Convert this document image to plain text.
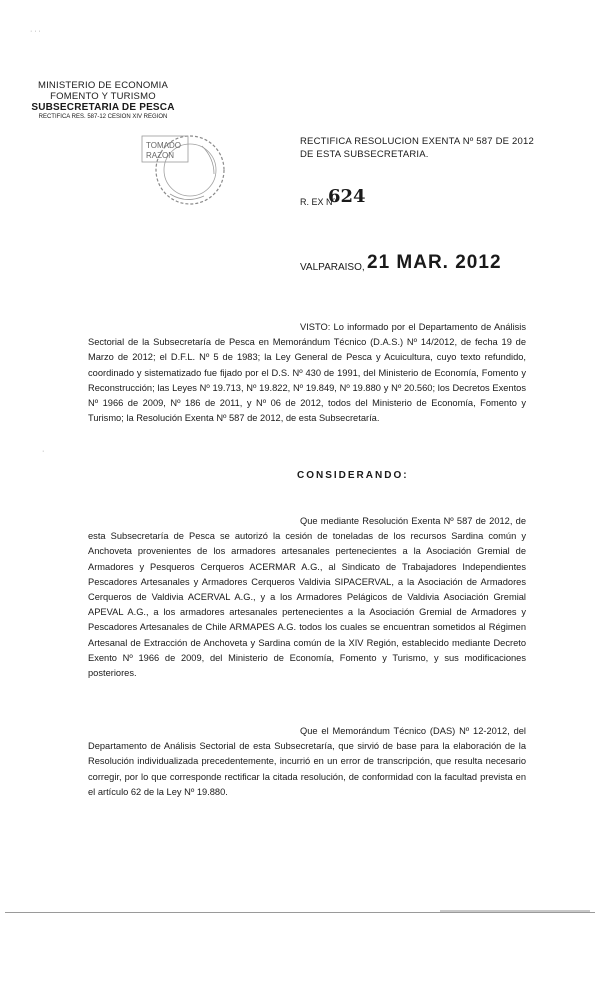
· · ·
MINISTERIO DE ECONOMIA
FOMENTO Y TURISMO
SUBSECRETARIA DE PESCA
RECTIFICA RES. 587-12 CESION XIV REGION
TOMADO
RAZON
RECTIFICA RESOLUCION EXENTA Nº 587 DE 2012
DE ESTA SUBSECRETARIA.
R. EX Nº
624
VALPARAISO, 21 MAR. 2012
VISTO: Lo informado por el Departamento de Análisis Sectorial de la Subsecretaría de Pesca en Memorándum Técnico (D.A.S.) Nº 14/2012, de fecha 19 de Marzo de 2012; el D.F.L. Nº 5 de 1983; la Ley General de Pesca y Acuicultura, cuyo texto refundido, coordinado y sistematizado fue fijado por el D.S. Nº 430 de 1991, del Ministerio de Economía, Fomento y Reconstrucción; las Leyes Nº 19.713, Nº 19.822, Nº 19.849, Nº 19.880 y Nº 20.560; los Decretos Exentos Nº 1966 de 2009, Nº 186 de 2011, y Nº 06 de 2012, todos del Ministerio de Economía, Fomento y Turismo; la Resolución Exenta Nº 587 de 2012, de esta Subsecretaría.
·
CONSIDERANDO:
Que mediante Resolución Exenta Nº 587 de 2012, de esta Subsecretaría de Pesca se autorizó la cesión de toneladas de los recursos Sardina común y Anchoveta provenientes de los armadores artesanales pertenecientes a la Asociación Gremial de Armadores y Pesqueros Cerqueros ACERMAR A.G., al Sindicato de Trabajadores Independientes Pescadores Artesanales y Armadores Cerqueros Valdivia SIPACERVAL, a la Asociación de Armadores Cerqueros de Valdivia ACERVAL A.G., y a los Armadores Pelágicos de Valdivia Asociación Gremial APEVAL A.G., a los armadores artesanales pertenecientes a la Asociación Gremial de Armadores y Pescadores Artesanales de Chile ARMAPES A.G. todos los cuales se encuentran sometidos al Régimen Artesanal de Extracción de Anchoveta y Sardina común de la XIV Región, establecido mediante Decreto Exento Nº 1966 de 2009, del Ministerio de Economía, Fomento y Turismo, y sus modificaciones posteriores.
Que el Memorándum Técnico (DAS) Nº 12-2012, del Departamento de Análisis Sectorial de esta Subsecretaría, que sirvió de base para la elaboración de la Resolución individualizada precedentemente, incurrió en un error de transcripción, que resulta necesario corregir, por lo que corresponde rectificar la citada resolución, de conformidad con la facultad prevista en el artículo 62 de la Ley Nº 19.880.
